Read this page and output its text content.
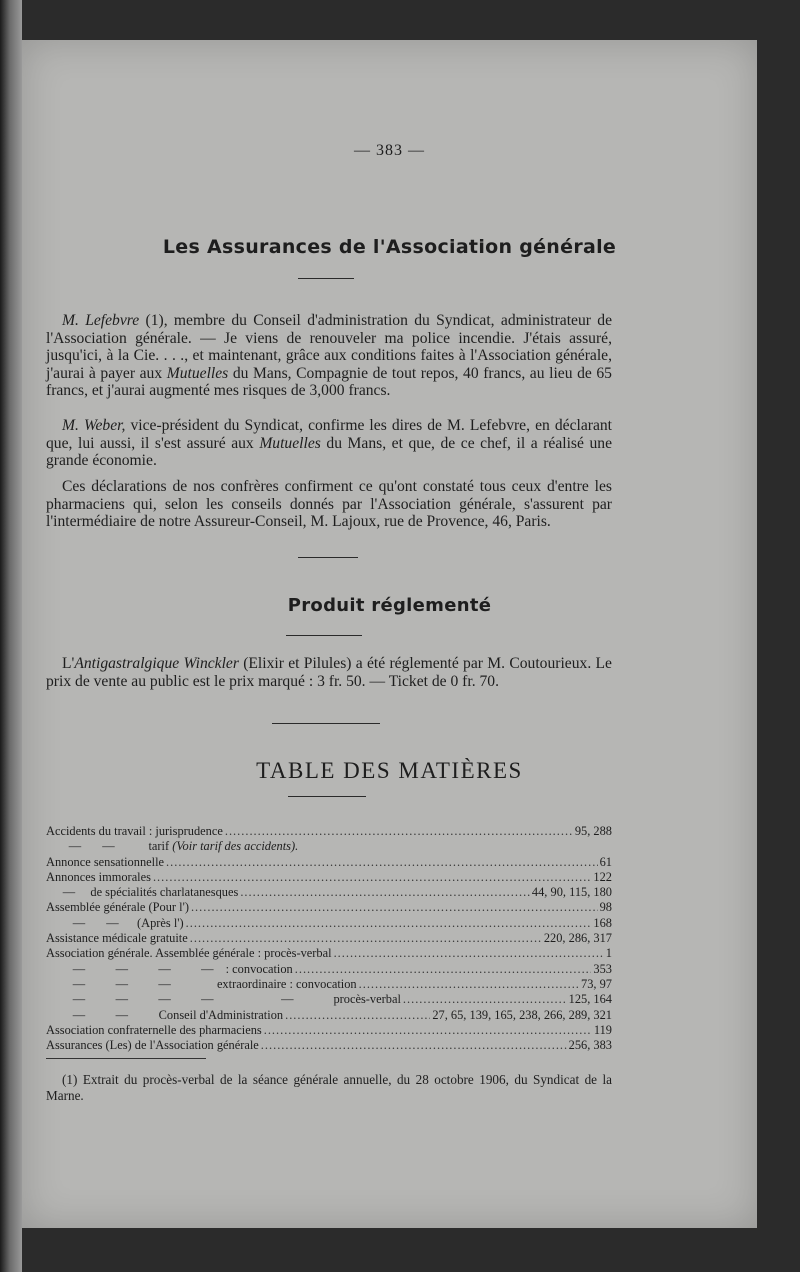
— 383 —
Les Assurances de l'Association générale
M. Lefebvre (1), membre du Conseil d'administration du Syndicat, administrateur de l'Association générale. — Je viens de renouveler ma police incendie. J'étais assuré, jusqu'ici, à la Cie. . . ., et maintenant, grâce aux conditions faites à l'Association générale, j'aurai à payer aux Mutuelles du Mans, Compagnie de tout repos, 40 francs, au lieu de 65 francs, et j'aurai augmenté mes risques de 3,000 francs.
M. Weber, vice-président du Syndicat, confirme les dires de M. Lefebvre, en déclarant que, lui aussi, il s'est assuré aux Mutuelles du Mans, et que, de ce chef, il a réalisé une grande économie.
Ces déclarations de nos confrères confirment ce qu'ont constaté tous ceux d'entre les pharmaciens qui, selon les conseils donnés par l'Association générale, s'assurent par l'intermédiaire de notre Assureur-Conseil, M. Lajoux, rue de Provence, 46, Paris.
Produit réglementé
L'Antigastralgique Winckler (Elixir et Pilules) a été réglementé par M. Coutourieux. Le prix de vente au public est le prix marqué : 3 fr. 50. — Ticket de 0 fr. 70.
TABLE DES MATIÈRES
Accidents du travail : jurisprudence .....	95, 288
— —	tarif (Voir tarif des accidents).
Annonce sensationnelle .....	61
Annonces immorales .....	122
— de spécialités charlatanesques .....	44, 90, 115, 180
Assemblée générale (Pour l') .....	98
— — (Après l') .....	168
Assistance médicale gratuite .....	220, 286, 317
Association générale. Assemblée générale : procès-verbal .....	1
— — — — : convocation .....	353
— — —	extraordinaire : convocation .....	73, 97
— — — —	—	procès-verbal .....	125, 164
— — Conseil d'Administration .....	27, 65, 139, 165, 238, 266, 289, 321
Association confraternelle des pharmaciens .....	119
Assurances (Les) de l'Association générale .....	256, 383
(1) Extrait du procès-verbal de la séance générale annuelle, du 28 octobre 1906, du Syndicat de la Marne.
